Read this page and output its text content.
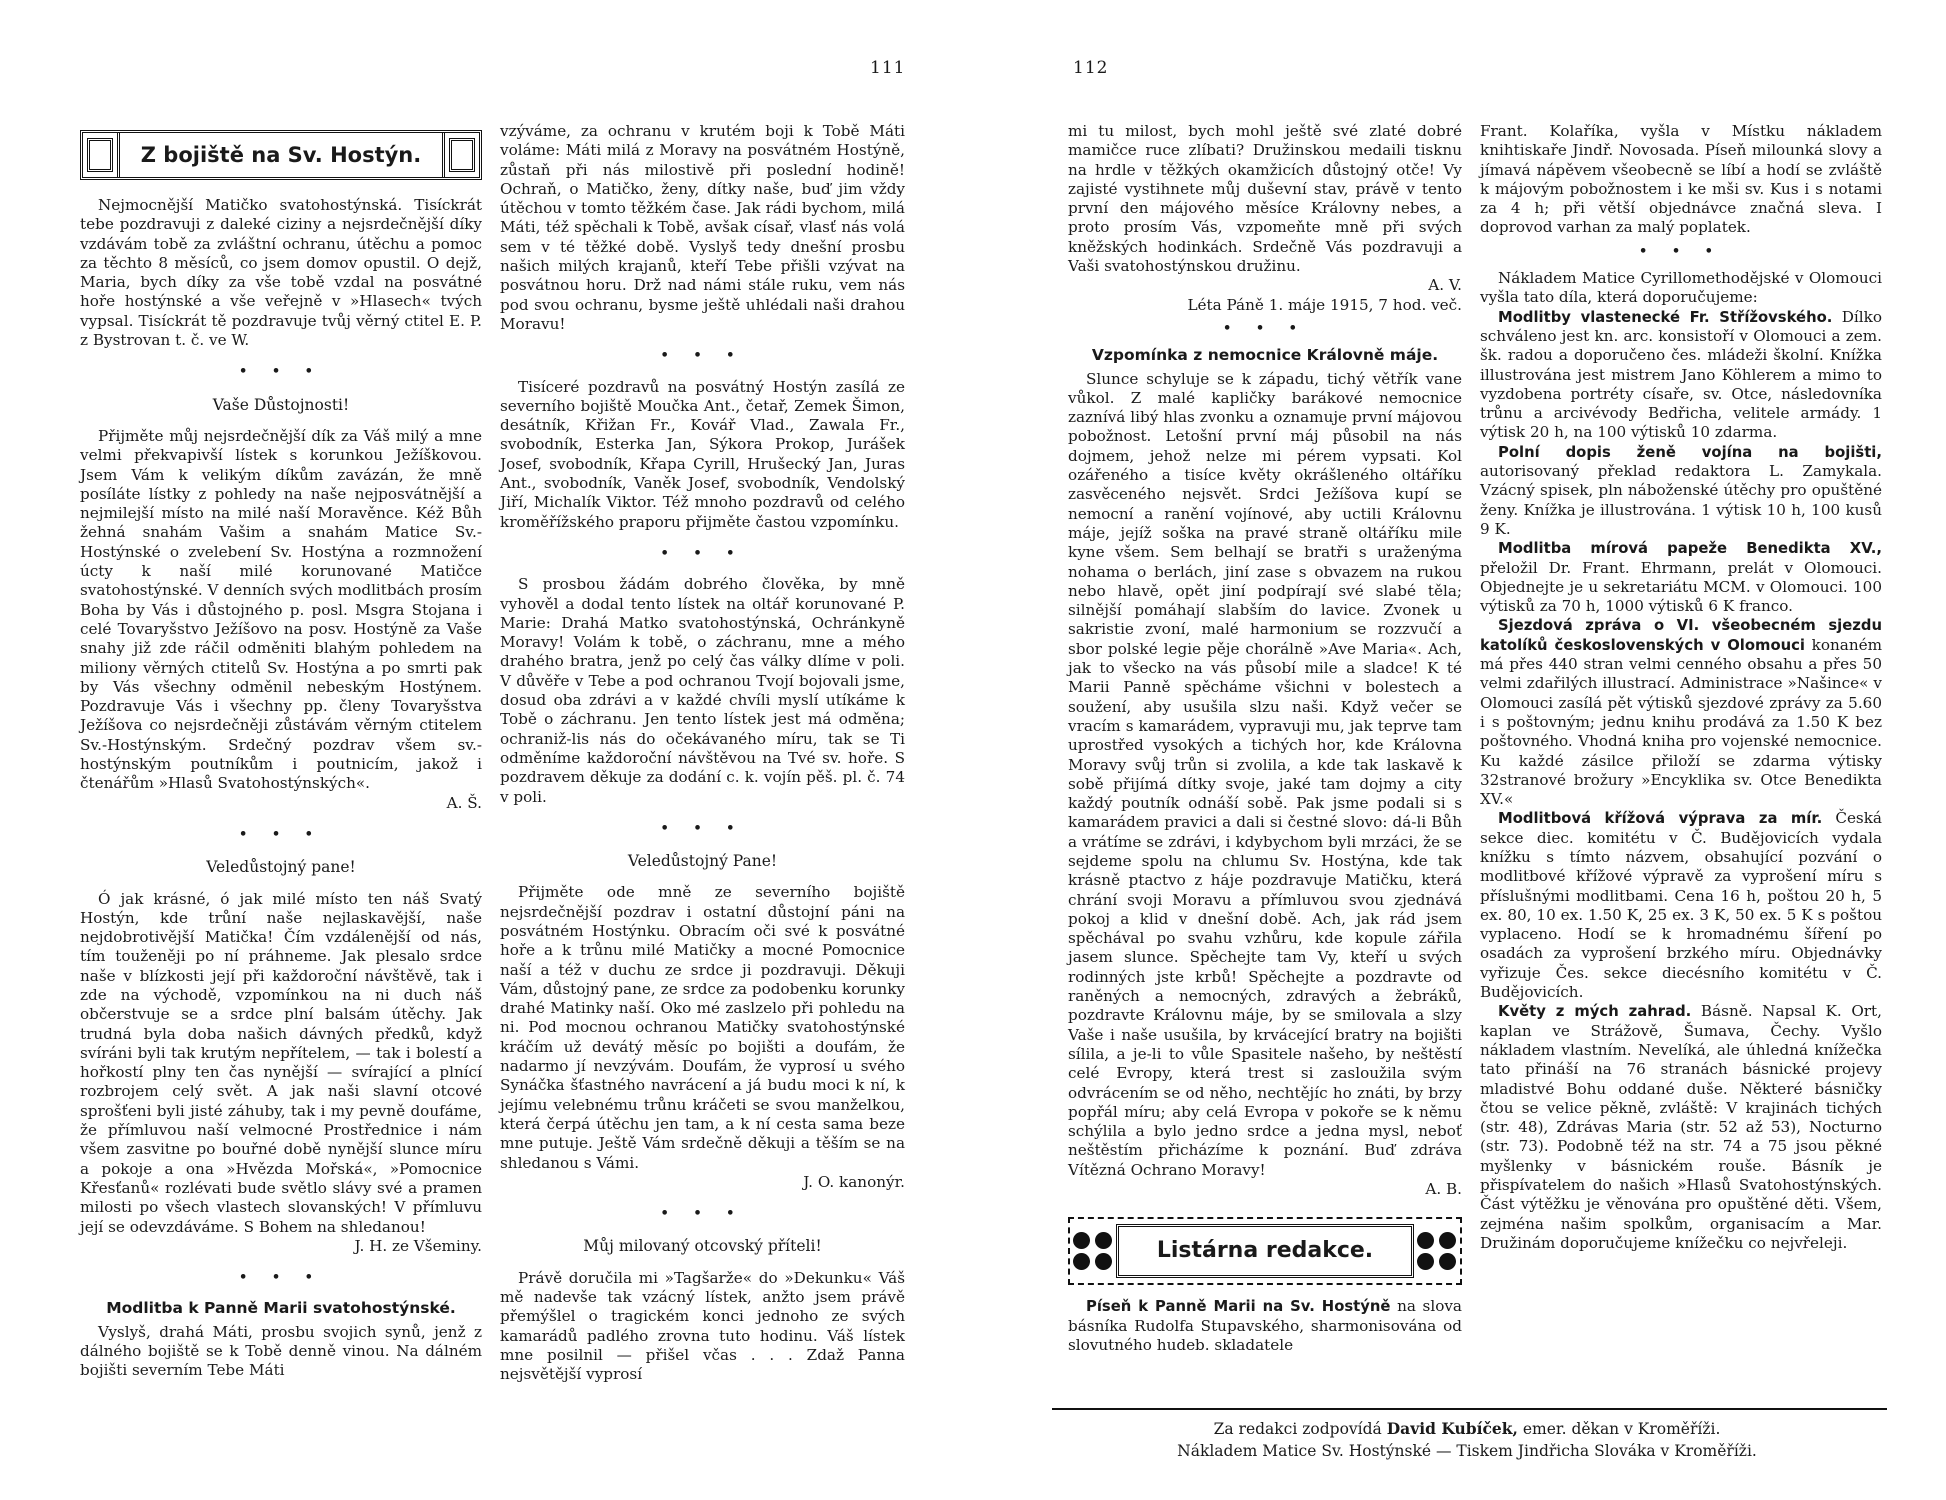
111
Z bojiště na Sv. Hostýn.

Nejmocnější Matičko svatohostýnská. Tisíckrát tebe pozdravuji z daleké ciziny a nejsrdečnější díky vzdávám tobě za zvláštní ochranu, útěchu a pomoc za těchto 8 měsíců, co jsem domov opustil. O dejž, Maria, bych díky za vše tobě vzdal na posvátné hoře hostýnské a vše veřejně v »Hlasech« tvých vypsal. Tisíckrát tě pozdravuje tvůj věrný ctitel E. P. z Bystrovan t. č. ve W.

• • •
Vaše Důstojnosti!

Přijměte můj nejsrdečnější dík za Váš milý a mne velmi překvapivší lístek s korunkou Ježíškovou. Jsem Vám k velikým díkům zavázán, že mně posíláte lístky z pohledy na naše nejposvátnější a nejmilejší místo na milé naší Moravěnce. Kéž Bůh žehná snahám Vašim a snahám Matice Sv.-Hostýnské o zvelebení Sv. Hostýna a rozmnožení úcty k naší milé korunované Matičce svatohostýnské. V denních svých modlitbách prosím Boha by Vás i důstojného p. posl. Msgra Stojana i celé Tovaryšstvo Ježíšovo na posv. Hostýně za Vaše snahy již zde ráčil odměniti blahým pohledem na miliony věrných ctitelů Sv. Hostýna a po smrti pak by Vás všechny odměnil nebeským Hostýnem. Pozdravuje Vás i všechny pp. členy Tovaryšstva Ježíšova co nejsrdečněji zůstávám věrným ctitelem Sv.-Hostýnským. Srdečný pozdrav všem sv.-hostýnským poutníkům i poutnicím, jakož i čtenářům »Hlasů Svatohostýnských«.

A. Š.
• • •
Veledůstojný pane!

Ó jak krásné, ó jak milé místo ten náš Svatý Hostýn, kde trůní naše nejlaskavější, naše nejdobrotivější Matička! Čím vzdálenější od nás, tím touženěji po ní práhneme. Jak plesalo srdce naše v blízkosti její při každoroční návštěvě, tak i zde na východě, vzpomínkou na ni duch náš občerstvuje se a srdce plní balsám útěchy. Jak trudná byla doba našich dávných předků, když svíráni byli tak krutým nepřítelem, — tak i bolestí a hořkostí plny ten čas nynější — svírající a plnící rozbrojem celý svět. A jak naši slavní otcové sprošťeni byli jisté záhuby, tak i my pevně doufáme, že přímluvou naší velmocné Prostřednice i nám všem zasvitne po bouřné době nynější slunce míru a pokoje a ona »Hvězda Mořská«, »Pomocnice Křesťanů« rozlévati bude světlo slávy své a pramen milosti po všech vlastech slovanských! V přímluvu její se odevzdáváme. S Bohem na shledanou!

J. H. ze Všeminy.
• • •
Modlitba k Panně Marii svatohostýnské.

Vyslyš, drahá Máti, prosbu svojich synů, jenž z dálného bojiště se k Tobě denně vinou. Na dálném bojišti severním Tebe Máti

vzýváme, za ochranu v krutém boji k Tobě Máti voláme: Máti milá z Moravy na posvátném Hostýně, zůstaň při nás milostivě při poslední hodině! Ochraň, o Matičko, ženy, dítky naše, buď jim vždy útěchou v tomto těžkém čase. Jak rádi bychom, milá Máti, též spěchali k Tobě, avšak císař, vlasť nás volá sem v té těžké době. Vyslyš tedy dnešní prosbu našich milých krajanů, kteří Tebe přišli vzývat na posvátnou horu. Drž nad námi stále ruku, vem nás pod svou ochranu, bysme ještě uhlédali naši drahou Moravu!

• • •

Tisíceré pozdravů na posvátný Hostýn zasílá ze severního bojiště Moučka Ant., četař, Zemek Šimon, desátník, Křižan Fr., Kovář Vlad., Zawala Fr., svobodník, Esterka Jan, Sýkora Prokop, Jurášek Josef, svobodník, Křapa Cyrill, Hrušecký Jan, Juras Ant., svobodník, Vaněk Josef, svobodník, Vendolský Jiří, Michalík Viktor. Též mnoho pozdravů od celého kroměřížského praporu přijměte častou vzpomínku.

• • •

S prosbou žádám dobrého člověka, by mně vyhověl a dodal tento lístek na oltář korunované P. Marie: Drahá Matko svatohostýnská, Ochránkyně Moravy! Volám k tobě, o záchranu, mne a mého drahého bratra, jenž po celý čas války dlíme v poli. V důvěře v Tebe a pod ochranou Tvojí bojovali jsme, dosud oba zdrávi a v každé chvíli myslí utíkáme k Tobě o záchranu. Jen tento lístek jest má odměna; ochraniž-lis nás do očekávaného míru, tak se Ti odměníme každoroční návštěvou na Tvé sv. hoře. S pozdravem děkuje za dodání c. k. vojín pěš. pl. č. 74 v poli.

• • •
Veledůstojný Pane!

Přijměte ode mně ze severního bojiště nejsrdečnější pozdrav i ostatní důstojní páni na posvátném Hostýnku. Obracím oči své k posvátné hoře a k trůnu milé Matičky a mocné Pomocnice naší a též v duchu ze srdce ji pozdravuji. Děkuji Vám, důstojný pane, ze srdce za podobenku korunky drahé Matinky naší. Oko mé zaslzelo při pohledu na ni. Pod mocnou ochranou Matičky svatohostýnské kráčím už devátý měsíc po bojišti a doufám, že nadarmo jí nevzývám. Doufám, že vyprosí u svého Synáčka šťastného navrácení a já budu moci k ní, k jejímu velebnému trůnu kráčeti se svou manželkou, která čerpá útěchu jen tam, a k ní cesta sama beze mne putuje. Ještě Vám srdečně děkuji a těším se na shledanou s Vámi.

J. O. kanonýr.
• • •
Můj milovaný otcovský příteli!

Právě doručila mi »Tagšarže« do »Dekunku« Váš mě nadevše tak vzácný lístek, anžto jsem právě přemýšlel o tragickém konci jednoho ze svých kamarádů padlého zrovna tuto hodinu. Váš lístek mne posilnil — přišel včas . . . Zdaž Panna nejsvětější vyprosí

112

mi tu milost, bych mohl ještě své zlaté dobré mamičce ruce zlíbati? Družinskou medaili tisknu na hrdle v těžkých okamžicích důstojný otče! Vy zajisté vystihnete můj duševní stav, právě v tento první den májového měsíce Královny nebes, a proto prosím Vás, vzpomeňte mně při svých kněžských hodinkách. Srdečně Vás pozdravuji a Vaši svatohostýnskou družinu.

A. V.

Léta Páně 1. máje 1915, 7 hod. več.

• • •
Vzpomínka z nemocnice Královně máje.

Slunce schyluje se k západu, tichý větřík vane vůkol. Z malé kapličky barákové nemocnice zaznívá libý hlas zvonku a oznamuje první májovou pobožnost. Letošní první máj působil na nás dojmem, jehož nelze mi pérem vypsati. Kol ozářeného a tisíce květy okrášleného oltáříku zasvěceného nejsvět. Srdci Ježíšova kupí se nemocní a ranění vojínové, aby uctili Královnu máje, jejíž soška na pravé straně oltáříku mile kyne všem. Sem belhají se bratři s uraženýma nohama o berlách, jiní zase s obvazem na rukou nebo hlavě, opět jiní podpírají své slabé těla; silnější pomáhají slabším do lavice. Zvonek u sakristie zvoní, malé harmonium se rozzvučí a sbor polské legie pěje chorálně »Ave Maria«. Ach, jak to všecko na vás působí mile a sladce! K té Marii Panně spěcháme všichni v bolestech a soužení, aby usušila slzu naši. Když večer se vracím s kamarádem, vypravuji mu, jak teprve tam uprostřed vysokých a tichých hor, kde Královna Moravy svůj trůn si zvolila, a kde tak laskavě k sobě přijímá dítky svoje, jaké tam dojmy a city každý poutník odnáší sobě. Pak jsme podali si s kamarádem pravici a dali si čestné slovo: dá-li Bůh a vrátíme se zdrávi, i kdybychom byli mrzáci, že se sejdeme spolu na chlumu Sv. Hostýna, kde tak krásně ptactvo z háje pozdravuje Matičku, která chrání svoji Moravu a přímluvou svou zjednává pokoj a klid v dnešní době. Ach, jak rád jsem spěchával po svahu vzhůru, kde kopule zářila jasem slunce. Spěchejte tam Vy, kteří u svých rodinných jste krbů! Spěchejte a pozdravte od raněných a nemocných, zdravých a žebráků, pozdravte Královnu máje, by se smilovala a slzy Vaše i naše usušila, by krvácející bratry na bojišti sílila, a je-li to vůle Spasitele našeho, by neštěstí celé Evropy, která trest si zasloužila svým odvrácením se od něho, nechtějíc ho znáti, by brzy popřál míru; aby celá Evropa v pokoře se k němu schýlila a bylo jedno srdce a jedna mysl, neboť neštěstím přicházíme k poznání. Buď zdráva Vítězná Ochrano Moravy!

A. B.
Listárna redakce.

Píseň k Panně Marii na Sv. Hostýně na slova básníka Rudolfa Stupavského, sharmonisována od slovutného hudeb. skladatele

Frant. Kolaříka, vyšla v Místku nákladem knihtiskaře Jindř. Novosada. Píseň milounká slovy a jímavá nápěvem všeobecně se líbí a hodí se zvláště k májovým pobožnostem i ke mši sv. Kus i s notami za 4 h; při větší objednávce značná sleva. I doprovod varhan za malý poplatek.

• • •

Nákladem Matice Cyrillomethodějské v Olomouci vyšla tato díla, která doporučujeme:

Modlitby vlastenecké Fr. Střížovského. Dílko schváleno jest kn. arc. konsistoří v Olomouci a zem. šk. radou a doporučeno čes. mládeži školní. Knížka illustrována jest mistrem Jano Köhlerem a mimo to vyzdobena portréty císaře, sv. Otce, následovníka trůnu a arcivévody Bedřicha, velitele armády. 1 výtisk 20 h, na 100 výtisků 10 zdarma.

Polní dopis ženě vojína na bojišti, autorisovaný překlad redaktora L. Zamykala. Vzácný spisek, pln náboženské útěchy pro opuštěné ženy. Knížka je illustrována. 1 výtisk 10 h, 100 kusů 9 K.

Modlitba mírová papeže Benedikta XV., přeložil Dr. Frant. Ehrmann, prelát v Olomouci. Objednejte je u sekretariátu MCM. v Olomouci. 100 výtisků za 70 h, 1000 výtisků 6 K franco.

Sjezdová zpráva o VI. všeobecném sjezdu katolíků československých v Olomouci konaném má přes 440 stran velmi cenného obsahu a přes 50 velmi zdařilých illustrací. Administrace »Našince« v Olomouci zasílá pět výtisků sjezdové zprávy za 5.60 i s poštovným; jednu knihu prodává za 1.50 K bez poštovného. Vhodná kniha pro vojenské nemocnice. Ku každé zásilce přiloží se zdarma výtisky 32stranové brožury »Encyklika sv. Otce Benedikta XV.«

Modlitbová křížová výprava za mír. Česká sekce diec. komitétu v Č. Budějovicích vydala knížku s tímto názvem, obsahující pozvání o modlitbové křížové výpravě za vyprošení míru s příslušnými modlitbami. Cena 16 h, poštou 20 h, 5 ex. 80, 10 ex. 1.50 K, 25 ex. 3 K, 50 ex. 5 K s poštou vyplaceno. Hodí se k hromadnému šíření po osadách za vyprošení brzkého míru. Objednávky vyřizuje Čes. sekce diecésního komitétu v Č. Budějovicích.

Květy z mých zahrad. Básně. Napsal K. Ort, kaplan ve Strážově, Šumava, Čechy. Vyšlo nákladem vlastním. Nevelíká, ale úhledná knížečka tato přináší na 76 stranách básnické projevy mladistvé Bohu oddané duše. Některé básničky čtou se velice pěkně, zvláště: V krajinách tichých (str. 48), Zdrávas Maria (str. 52 až 53), Nocturno (str. 73). Podobně též na str. 74 a 75 jsou pěkné myšlenky v básnickém rouše. Básník je přispívatelem do našich »Hlasů Svatohostýnských. Část výtěžku je věnována pro opuštěné děti. Všem, zejména našim spolkům, organisacím a Mar. Družinám doporučujeme knížečku co nejvřeleji.

Za redakci zodpovídá David Kubíček, emer. děkan v Kroměříži.
Nákladem Matice Sv. Hostýnské — Tiskem Jindřicha Slováka v Kroměříži.
